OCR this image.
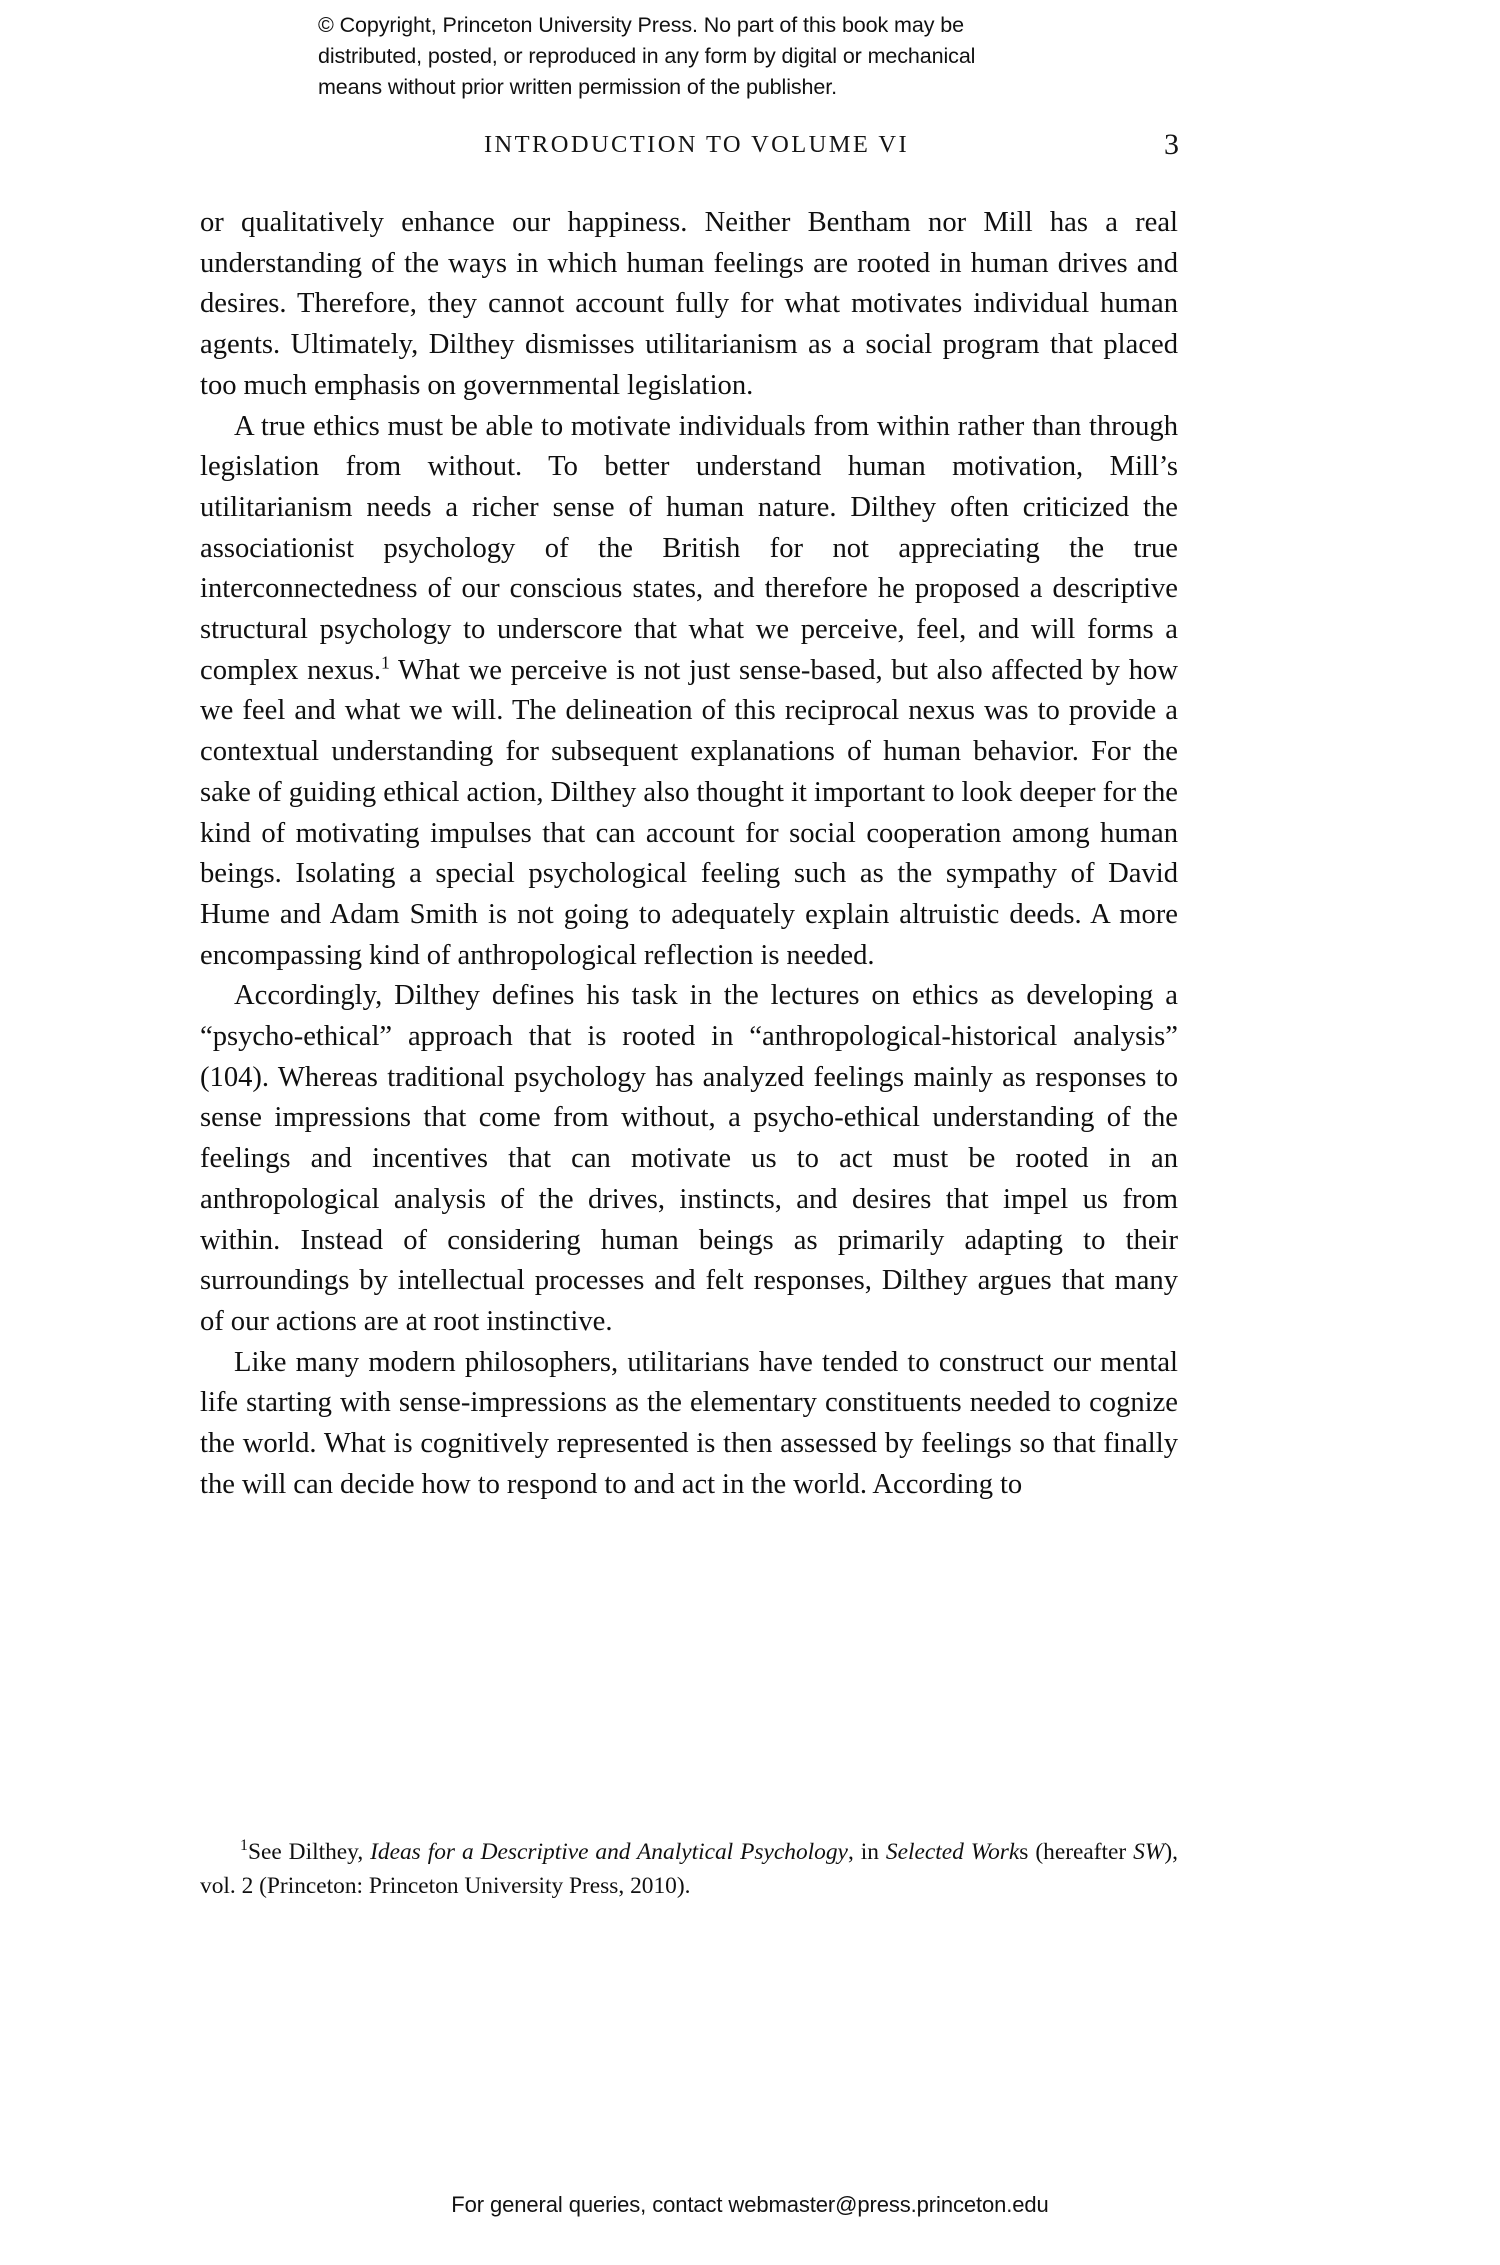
© Copyright, Princeton University Press. No part of this book may be
distributed, posted, or reproduced in any form by digital or mechanical
means without prior written permission of the publisher.
INTRODUCTION TO VOLUME VI	3

or qualitatively enhance our happiness. Neither Bentham nor Mill has a real understanding of the ways in which human feelings are rooted in human drives and desires. Therefore, they cannot account fully for what motivates individual human agents. Ultimately, Dilthey dismisses utilitarianism as a social program that placed too much emphasis on governmental legislation.

A true ethics must be able to motivate individuals from within rather than through legislation from without. To better understand human motivation, Mill’s utilitarianism needs a richer sense of human nature. Dilthey often criticized the associationist psychology of the British for not appreciating the true interconnectedness of our conscious states, and therefore he proposed a descriptive structural psychology to underscore that what we perceive, feel, and will forms a complex nexus.$^1$ What we perceive is not just sense-based, but also affected by how we feel and what we will. The delineation of this reciprocal nexus was to provide a contextual understanding for subsequent explanations of human behavior. For the sake of guiding ethical action, Dilthey also thought it important to look deeper for the kind of motivating impulses that can account for social cooperation among human beings. Isolating a special psychological feeling such as the sympathy of David Hume and Adam Smith is not going to adequately explain altruistic deeds. A more encompassing kind of anthropological reflection is needed.

Accordingly, Dilthey defines his task in the lectures on ethics as developing a “psycho-ethical” approach that is rooted in “anthropological-historical analysis” (104). Whereas traditional psychology has analyzed feelings mainly as responses to sense impressions that come from without, a psycho-ethical understanding of the feelings and incentives that can motivate us to act must be rooted in an anthropological analysis of the drives, instincts, and desires that impel us from within. Instead of considering human beings as primarily adapting to their surroundings by intellectual processes and felt responses, Dilthey argues that many of our actions are at root instinctive.

Like many modern philosophers, utilitarians have tended to construct our mental life starting with sense-impressions as the elementary constituents needed to cognize the world. What is cognitively represented is then assessed by feelings so that finally the will can decide how to respond to and act in the world. According to

$^1$See Dilthey, Ideas for a Descriptive and Analytical Psychology, in Selected Works (hereafter SW), vol. 2 (Princeton: Princeton University Press, 2010).

For general queries, contact webmaster@press.princeton.edu
